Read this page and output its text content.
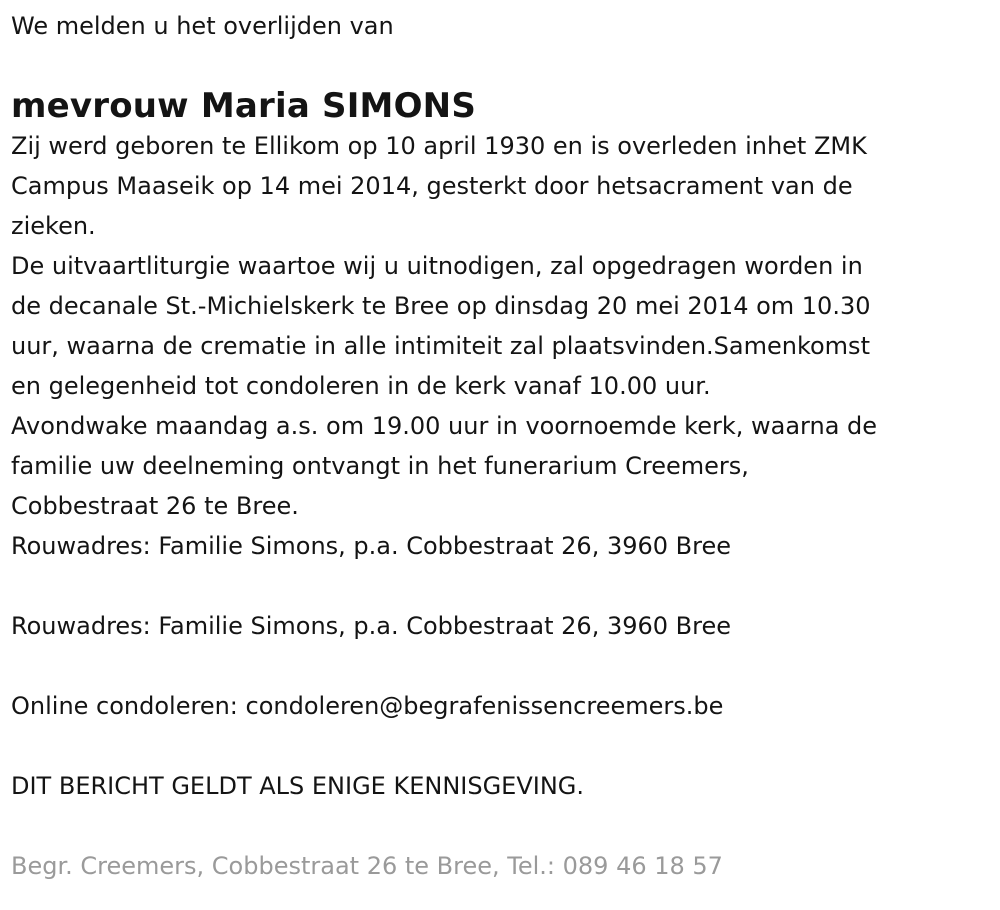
We melden u het overlijden van

mevrouw Maria SIMONS

Zij werd geboren te Ellikom op 10 april 1930 en is overleden inhet ZMK

Campus Maaseik op 14 mei 2014, gesterkt door hetsacrament van de

zieken.

De uitvaartliturgie waartoe wij u uitnodigen, zal opgedragen worden in

de decanale St.-Michielskerk te Bree op dinsdag 20 mei 2014 om 10.30

uur, waarna de crematie in alle intimiteit zal plaatsvinden.Samenkomst

en gelegenheid tot condoleren in de kerk vanaf 10.00 uur.

Avondwake maandag a.s. om 19.00 uur in voornoemde kerk, waarna de

familie uw deelneming ontvangt in het funerarium Creemers,

Cobbestraat 26 te Bree.

Rouwadres: Familie Simons, p.a. Cobbestraat 26, 3960 Bree

Rouwadres: Familie Simons, p.a. Cobbestraat 26, 3960 Bree

Online condoleren: condoleren@begrafenissencreemers.be

DIT BERICHT GELDT ALS ENIGE KENNISGEVING.

Begr. Creemers, Cobbestraat 26 te Bree, Tel.: 089 46 18 57
